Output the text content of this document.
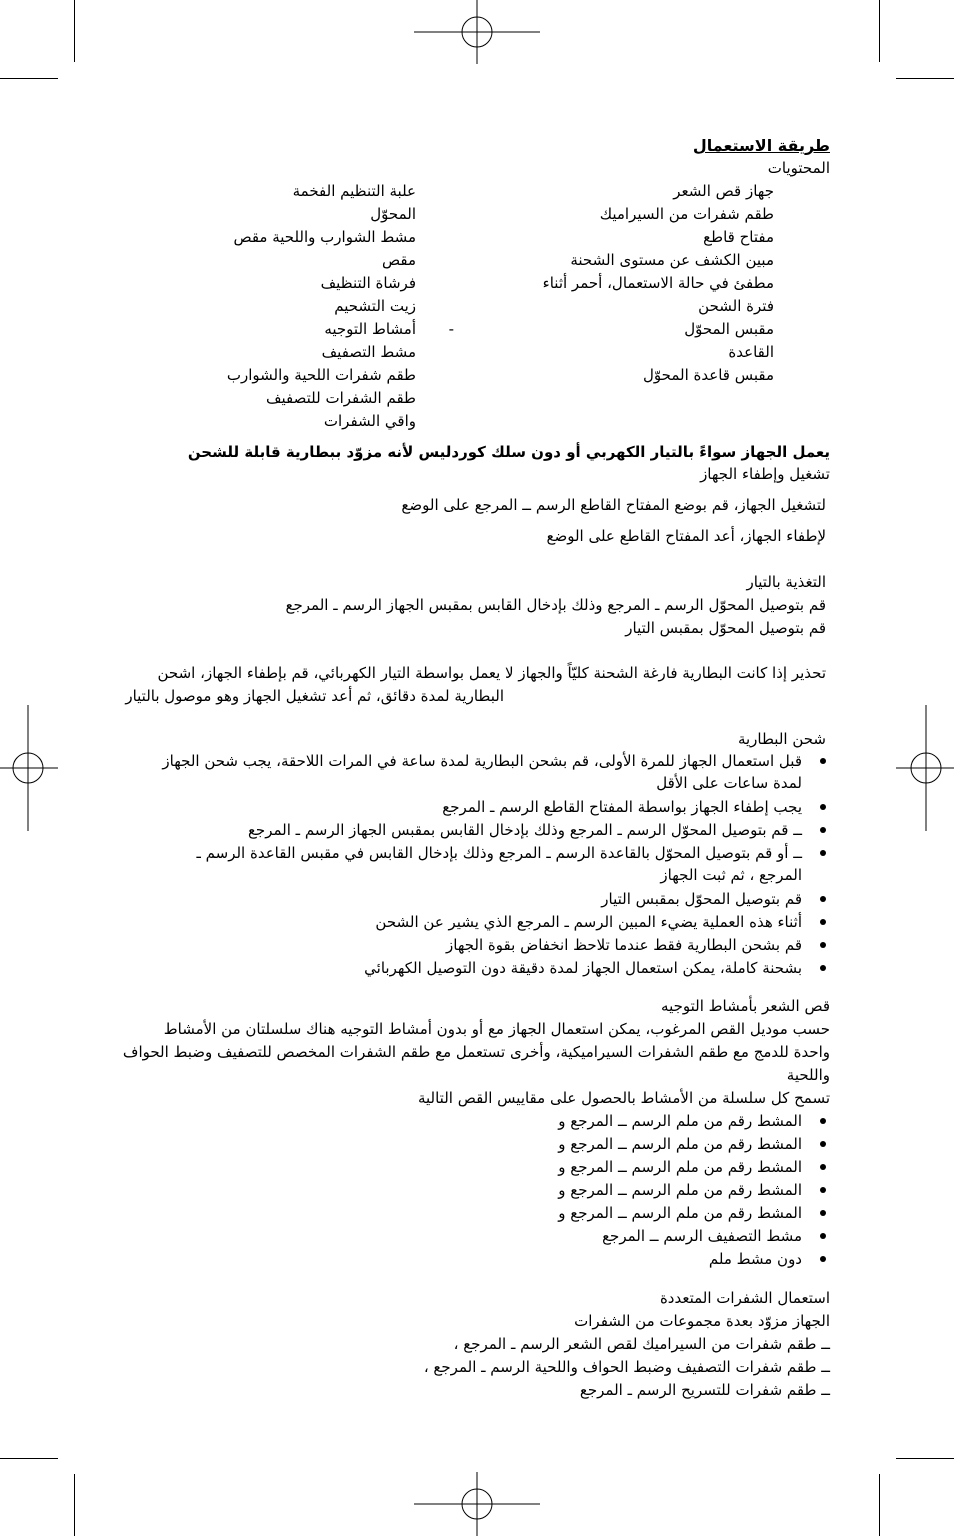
طريقة الاستعمال
المحتويات
جهاز قص الشعر
طقم شفرات من السيراميك
مفتاح قاطع
مبين الكشف عن مستوى الشحنة
مطفئ في حالة الاستعمال، أحمر أثناء
فترة الشحن
مقبس المحوّل
القاعدة
مقبس قاعدة المحوّل
-
علبة التنظيم الفخمة
المحوّل
مشط الشوارب واللحية مقص
مقص
فرشاة التنظيف
زيت التشحيم
أمشاط التوجيه
مشط التصفيف
طقم شفرات اللحية والشوارب
طقم الشفرات للتصفيف
واقي الشفرات
يعمل الجهاز سواءً بالتيار الكهربي أو دون سلك كوردليس لأنه مزوّد ببطارية قابلة للشحن
تشغيل وإطفاء الجهاز
لتشغيل الجهاز، قم بوضع المفتاح القاطع الرسم ــ المرجع على الوضع
لإطفاء الجهاز، أعد المفتاح القاطع على الوضع
التغذية بالتيار
قم بتوصيل المحوّل الرسم ـ المرجع وذلك بإدخال القابس بمقبس الجهاز الرسم ـ المرجع
قم بتوصيل المحوّل بمقبس التيار
تحذير إذا كانت البطارية فارغة الشحنة كليّاً والجهاز لا يعمل بواسطة التيار الكهربائي، قم بإطفاء الجهاز، اشحن
البطارية لمدة دقائق، ثم أعد تشغيل الجهاز وهو موصول بالتيار
شحن البطارية
قبل استعمال الجهاز للمرة الأولى، قم بشحن البطارية لمدة ساعة في المرات اللاحقة، يجب شحن الجهاز
لمدة ساعات على الأقل
يجب إطفاء الجهاز بواسطة المفتاح القاطع الرسم ـ المرجع
ــ قم بتوصيل المحوّل الرسم ـ المرجع وذلك بإدخال القابس بمقبس الجهاز الرسم ـ المرجع
ــ أو قم بتوصيل المحوّل بالقاعدة الرسم ـ المرجع وذلك بإدخال القابس في مقبس القاعدة الرسم ـ
المرجع ، ثم ثبت الجهاز
قم بتوصيل المحوّل بمقبس التيار
أثناء هذه العملية يضيء المبين الرسم ـ المرجع الذي يشير عن الشحن
قم بشحن البطارية فقط عندما تلاحظ انخفاض بقوة الجهاز
بشحنة كاملة، يمكن استعمال الجهاز لمدة دقيقة دون التوصيل الكهربائي
قص الشعر بأمشاط التوجيه
حسب موديل القص المرغوب، يمكن استعمال الجهاز مع أو بدون أمشاط التوجيه هناك سلسلتان من الأمشاط
واحدة للدمج مع طقم الشفرات السيراميكية، وأخرى تستعمل مع طقم الشفرات المخصص للتصفيف وضبط الحواف
واللحية
تسمح كل سلسلة من الأمشاط بالحصول على مقاييس القص التالية
المشط رقم من ملم الرسم ــ المرجع و
المشط رقم من ملم الرسم ــ المرجع و
المشط رقم من ملم الرسم ــ المرجع و
المشط رقم من ملم الرسم ــ المرجع و
المشط رقم من ملم الرسم ــ المرجع و
مشط التصفيف الرسم ــ المرجع
دون مشط ملم
استعمال الشفرات المتعددة
الجهاز مزوّد بعدة مجموعات من الشفرات
ــ طقم شفرات من السيراميك لقص الشعر الرسم ـ المرجع ،
ــ طقم شفرات التصفيف وضبط الحواف واللحية الرسم ـ المرجع ،
ــ طقم شفرات للتسريح الرسم ـ المرجع
